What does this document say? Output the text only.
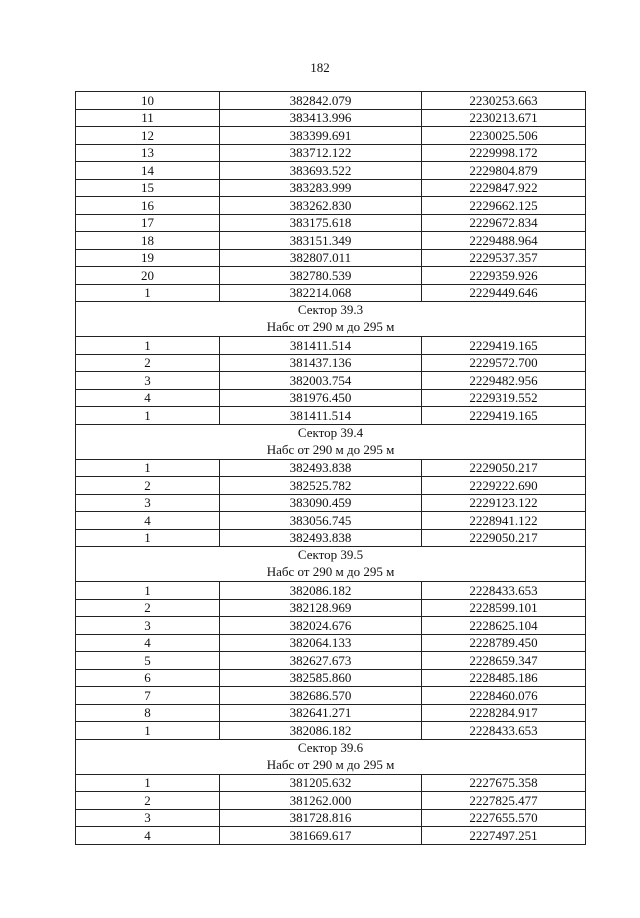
182
10	382842.079	2230253.663
11	383413.996	2230213.671
12	383399.691	2230025.506
13	383712.122	2229998.172
14	383693.522	2229804.879
15	383283.999	2229847.922
16	383262.830	2229662.125
17	383175.618	2229672.834
18	383151.349	2229488.964
19	382807.011	2229537.357
20	382780.539	2229359.926
1	382214.068	2229449.646

Сектор 39.3
Набс от 290 м до 295 м		

1	381411.514	2229419.165
2	381437.136	2229572.700
3	382003.754	2229482.956
4	381976.450	2229319.552
1	381411.514	2229419.165

Сектор 39.4
Набс от 290 м до 295 м		

1	382493.838	2229050.217
2	382525.782	2229222.690
3	383090.459	2229123.122
4	383056.745	2228941.122
1	382493.838	2229050.217

Сектор 39.5
Набс от 290 м до 295 м		

1	382086.182	2228433.653
2	382128.969	2228599.101
3	382024.676	2228625.104
4	382064.133	2228789.450
5	382627.673	2228659.347
6	382585.860	2228485.186
7	382686.570	2228460.076
8	382641.271	2228284.917
1	382086.182	2228433.653

Сектор 39.6
Набс от 290 м до 295 м		

1	381205.632	2227675.358
2	381262.000	2227825.477
3	381728.816	2227655.570
4	381669.617	2227497.251
